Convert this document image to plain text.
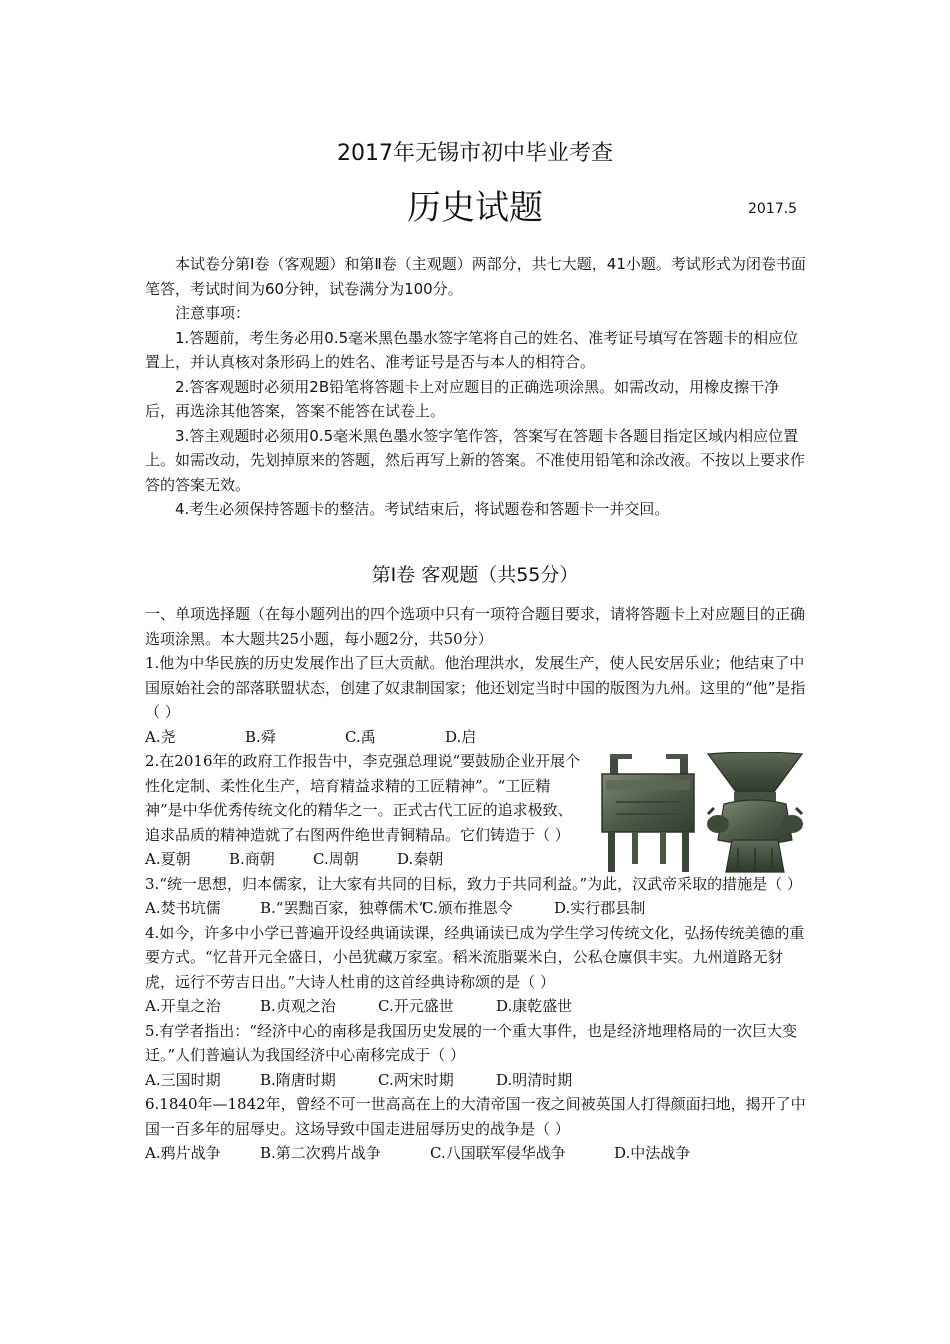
2017年无锡市初中毕业考查
历史试题	2017.5

本试卷分第Ⅰ卷（客观题）和第Ⅱ卷（主观题）两部分，共七大题，41小题。考试形式为闭卷书面笔答，考试时间为60分钟，试卷满分为100分。

注意事项：

1.答题前，考生务必用0.5毫米黑色墨水签字笔将自己的姓名、准考证号填写在答题卡的相应位置上，并认真核对条形码上的姓名、准考证号是否与本人的相符合。

2.答客观题时必须用2B铅笔将答题卡上对应题目的正确选项涂黑。如需改动，用橡皮擦干净后，再选涂其他答案，答案不能答在试卷上。

3.答主观题时必须用0.5毫米黑色墨水签字笔作答，答案写在答题卡各题目指定区域内相应位置上。如需改动，先划掉原来的答题，然后再写上新的答案。不准使用铅笔和涂改液。不按以上要求作答的答案无效。

4.考生必须保持答题卡的整洁。考试结束后，将试题卷和答题卡一并交回。

第Ⅰ卷 客观题（共55分）

一、单项选择题（在每小题列出的四个选项中只有一项符合题目要求，请将答题卡上对应题目的正确选项涂黑。本大题共25小题，每小题2分，共50分）

1.他为中华民族的历史发展作出了巨大贡献。他治理洪水，发展生产，使人民安居乐业；他结束了中国原始社会的部落联盟状态，创建了奴隶制国家；他还划定当时中国的版图为九州。这里的“他”是指（ ）

A.尧	B.舜	C.禹	D.启

2.在2016年的政府工作报告中，李克强总理说“要鼓励企业开展个性化定制、柔性化生产，培育精益求精的工匠精神”。“工匠精神”是中华优秀传统文化的精华之一。正式古代工匠的追求极致、追求品质的精神造就了右图两件绝世青铜精品。它们铸造于（ ）

A.夏朝	B.商朝	C.周朝	D.秦朝

3.“统一思想，归本儒家，让大家有共同的目标，致力于共同利益。”为此，汉武帝采取的措施是（ ）

A.焚书坑儒	B.“罢黜百家，独尊儒术”
C.颁布推恩令	D.实行郡县制

4.如今，许多中小学已普遍开设经典诵读课，经典诵读已成为学生学习传统文化，弘扬传统美德的重要方式。“忆昔开元全盛日，小邑犹藏万家室。稻米流脂粟米白，公私仓廪俱丰实。九州道路无豺虎，远行不劳吉日出。”大诗人杜甫的这首经典诗称颂的是（ ）

A.开皇之治	B.贞观之治	C.开元盛世	D.康乾盛世

5.有学者指出：“经济中心的南移是我国历史发展的一个重大事件，也是经济地理格局的一次巨大变迁。”人们普遍认为我国经济中心南移完成于（ ）

A.三国时期	B.隋唐时期	C.两宋时期	D.明清时期

6.1840年—1842年，曾经不可一世高高在上的大清帝国一夜之间被英国人打得颜面扫地，揭开了中国一百多年的屈辱史。这场导致中国走进屈辱历史的战争是（ ）

A.鸦片战争	B.第二次鸦片战争	C.八国联军侵华战争	D.中法战争
